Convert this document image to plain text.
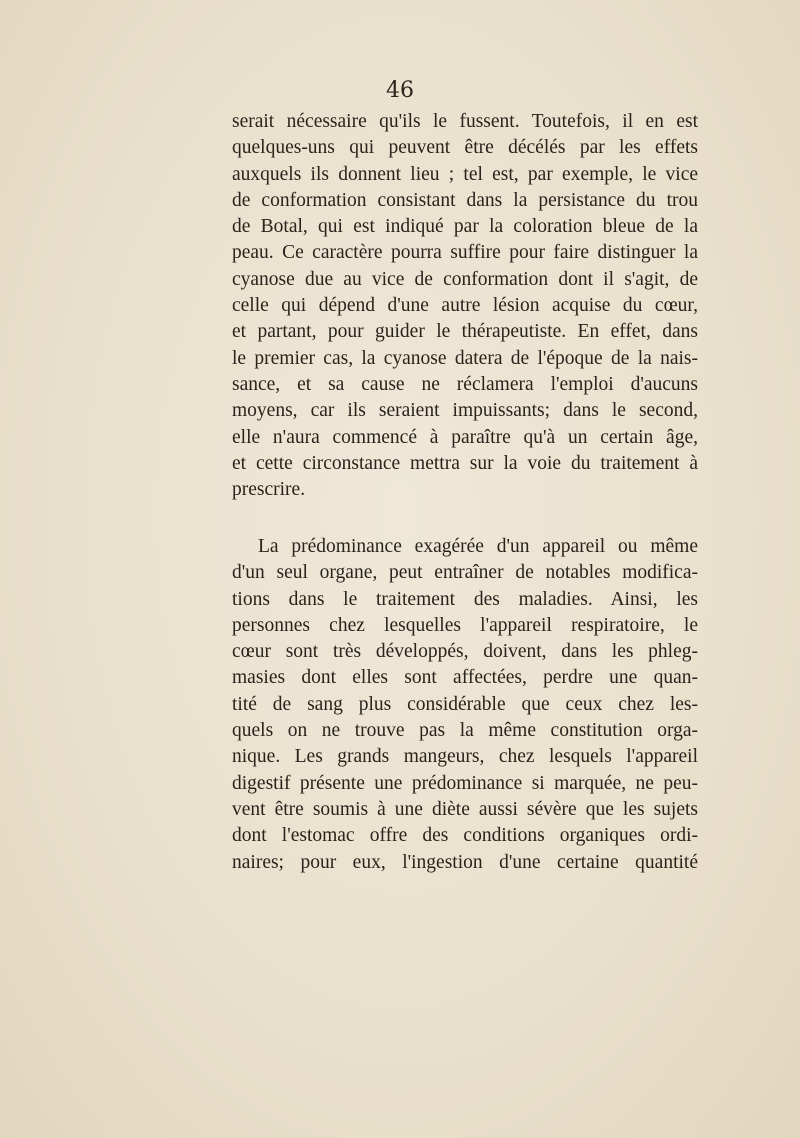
46
serait nécessaire qu'ils le fussent. Toutefois, il en est
quelques-uns qui peuvent être décélés par les effets
auxquels ils donnent lieu ; tel est, par exemple, le vice
de conformation consistant dans la persistance du trou
de Botal, qui est indiqué par la coloration bleue de la
peau. Ce caractère pourra suffire pour faire distinguer la
cyanose due au vice de conformation dont il s'agit, de
celle qui dépend d'une autre lésion acquise du cœur,
et partant, pour guider le thérapeutiste. En effet, dans
le premier cas, la cyanose datera de l'époque de la nais-
sance, et sa cause ne réclamera l'emploi d'aucuns
moyens, car ils seraient impuissants; dans le second,
elle n'aura commencé à paraître qu'à un certain âge,
et cette circonstance mettra sur la voie du traitement à
prescrire.
La prédominance exagérée d'un appareil ou même
d'un seul organe, peut entraîner de notables modifica-
tions dans le traitement des maladies. Ainsi, les
personnes chez lesquelles l'appareil respiratoire, le
cœur sont très développés, doivent, dans les phleg-
masies dont elles sont affectées, perdre une quan-
tité de sang plus considérable que ceux chez les-
quels on ne trouve pas la même constitution orga-
nique. Les grands mangeurs, chez lesquels l'appareil
digestif présente une prédominance si marquée, ne peu-
vent être soumis à une diète aussi sévère que les sujets
dont l'estomac offre des conditions organiques ordi-
naires; pour eux, l'ingestion d'une certaine quantité
